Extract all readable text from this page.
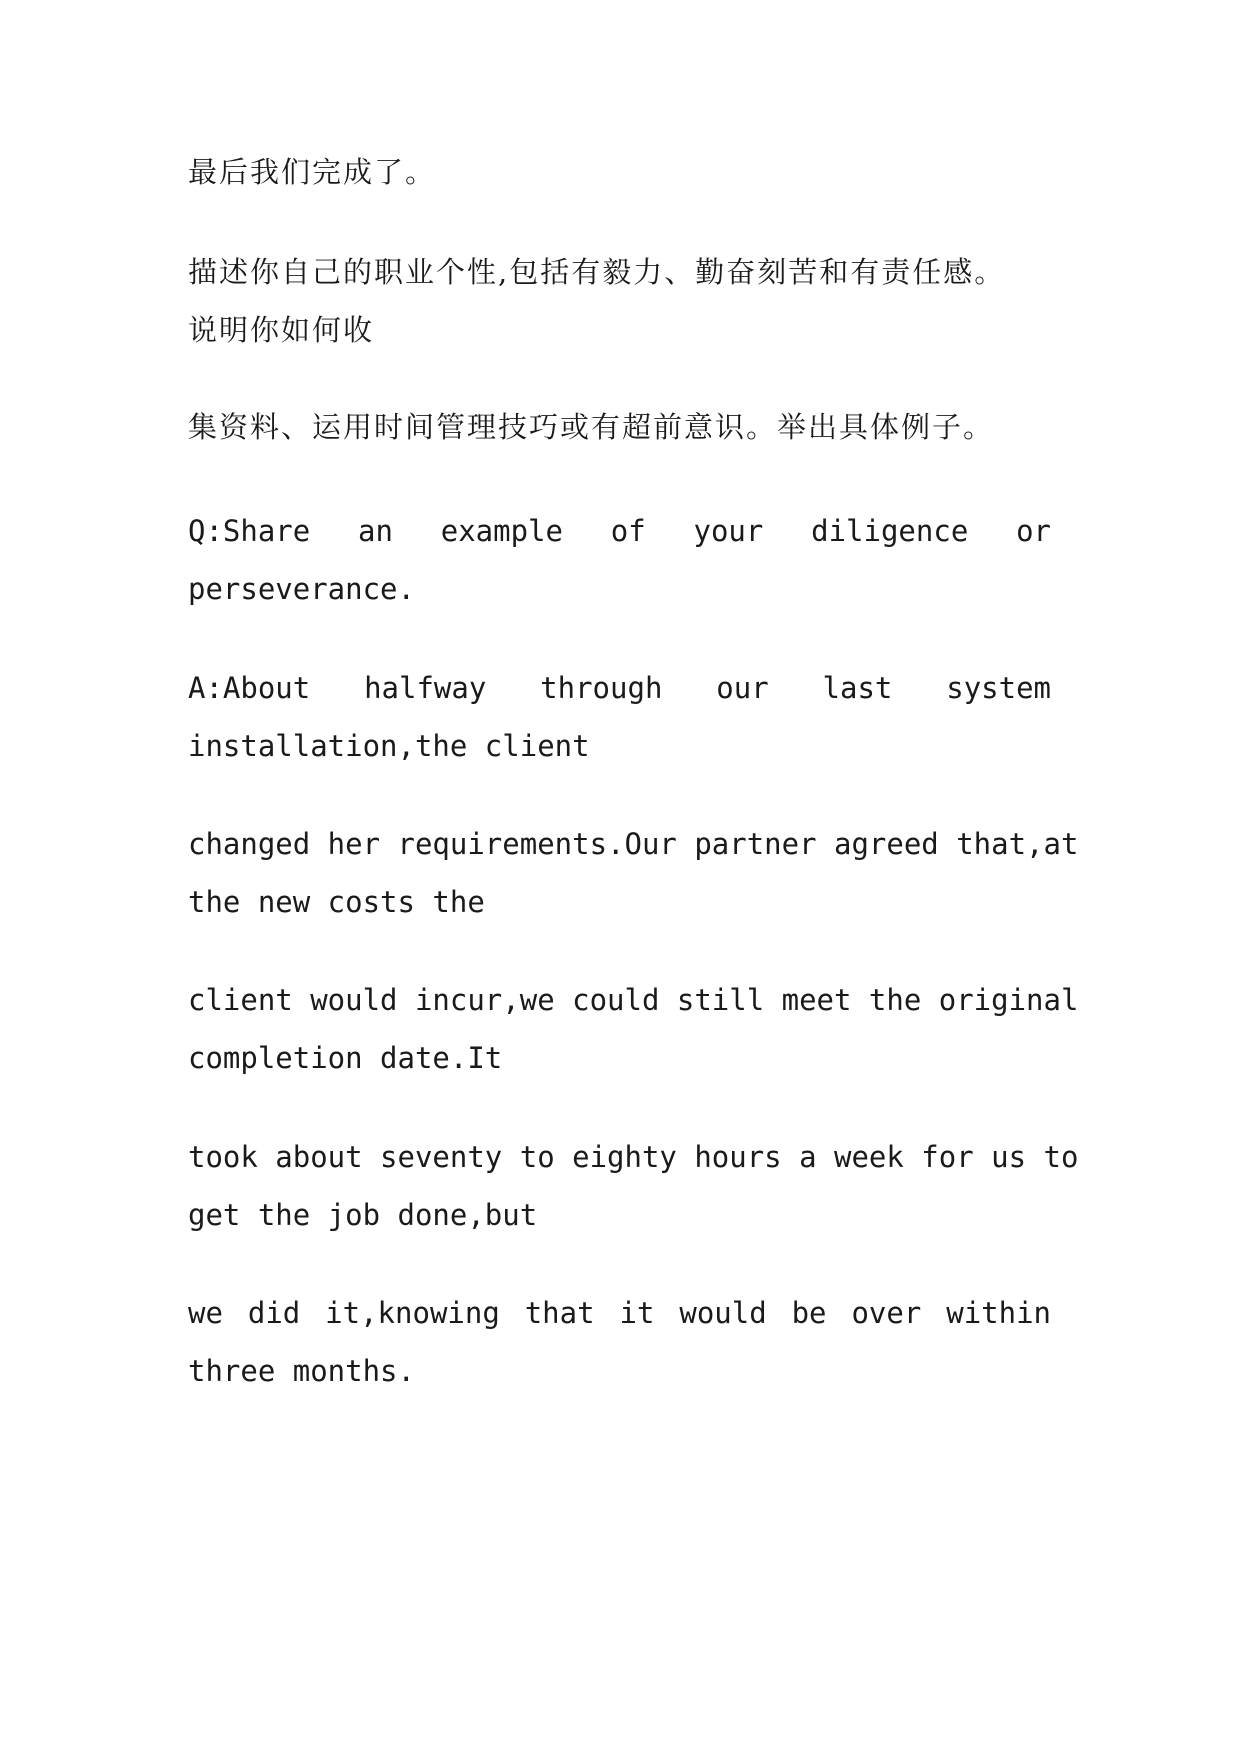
最后我们完成了。
描述你自己的职业个性,包括有毅力、勤奋刻苦和有责任感。
说明你如何收
集资料、运用时间管理技巧或有超前意识。举出具体例子。
Q:Share an example of your diligence or
perseverance.
A:About halfway through our last system
installation,the client
changed her requirements.Our partner agreed that,at
the new costs the
client would incur,we could still meet the original
completion date.It
took about seventy to eighty hours a week for us to
get the job done,but
we did it,knowing that it would be over within
three months.
